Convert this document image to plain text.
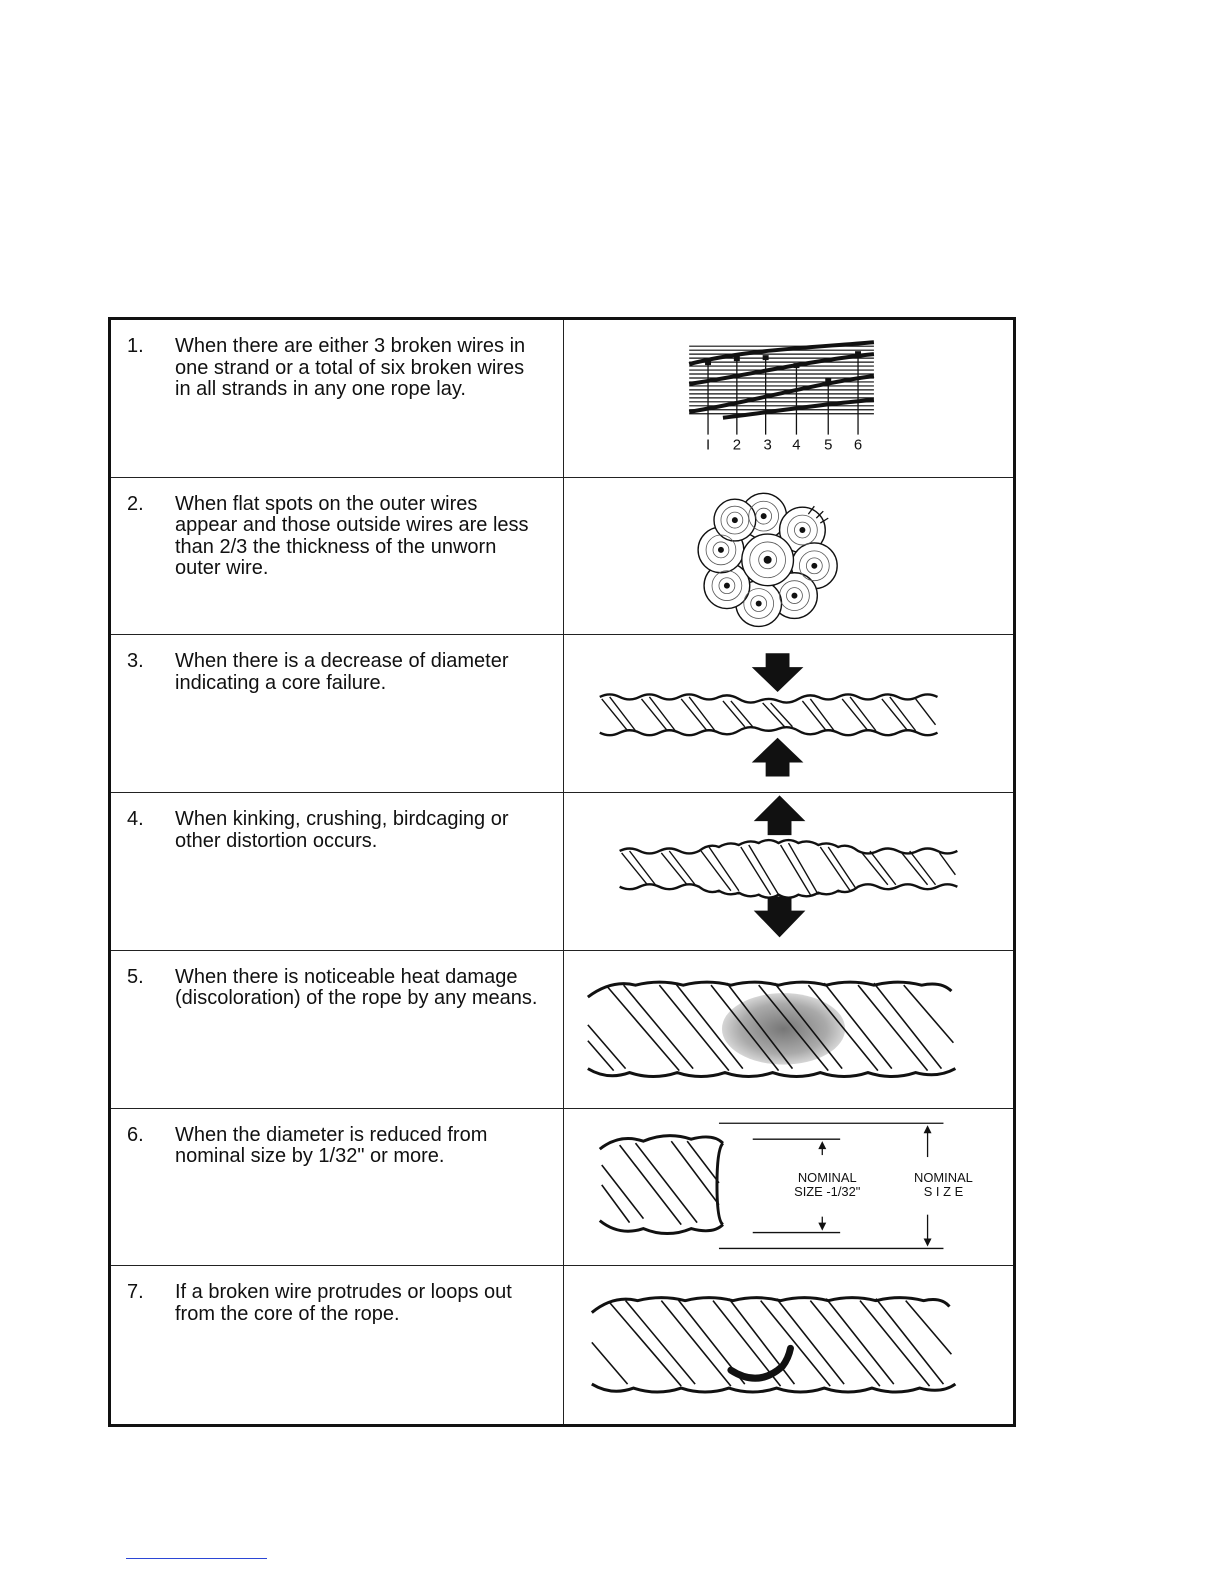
1.	When there are either 3 broken wires in one strand or a total of six broken wires in all strands in any one rope lay.
I 2 3 4 5 6
2.	When flat spots on the outer wires appear and those outside wires are less than 2/3 the thickness of the unworn outer wire.
3.	When there is a decrease of diameter indicating a core failure.
4.	When kinking, crushing, birdcaging or other distortion occurs.
5.	When there is noticeable heat damage (discoloration) of the rope by any means.
6.	When the diameter is reduced from nominal size by 1/32" or more.
NOMINAL
SIZE -1/32"
NOMINAL
S I Z E
7.	If a broken wire protrudes or loops out from the core of the rope.
